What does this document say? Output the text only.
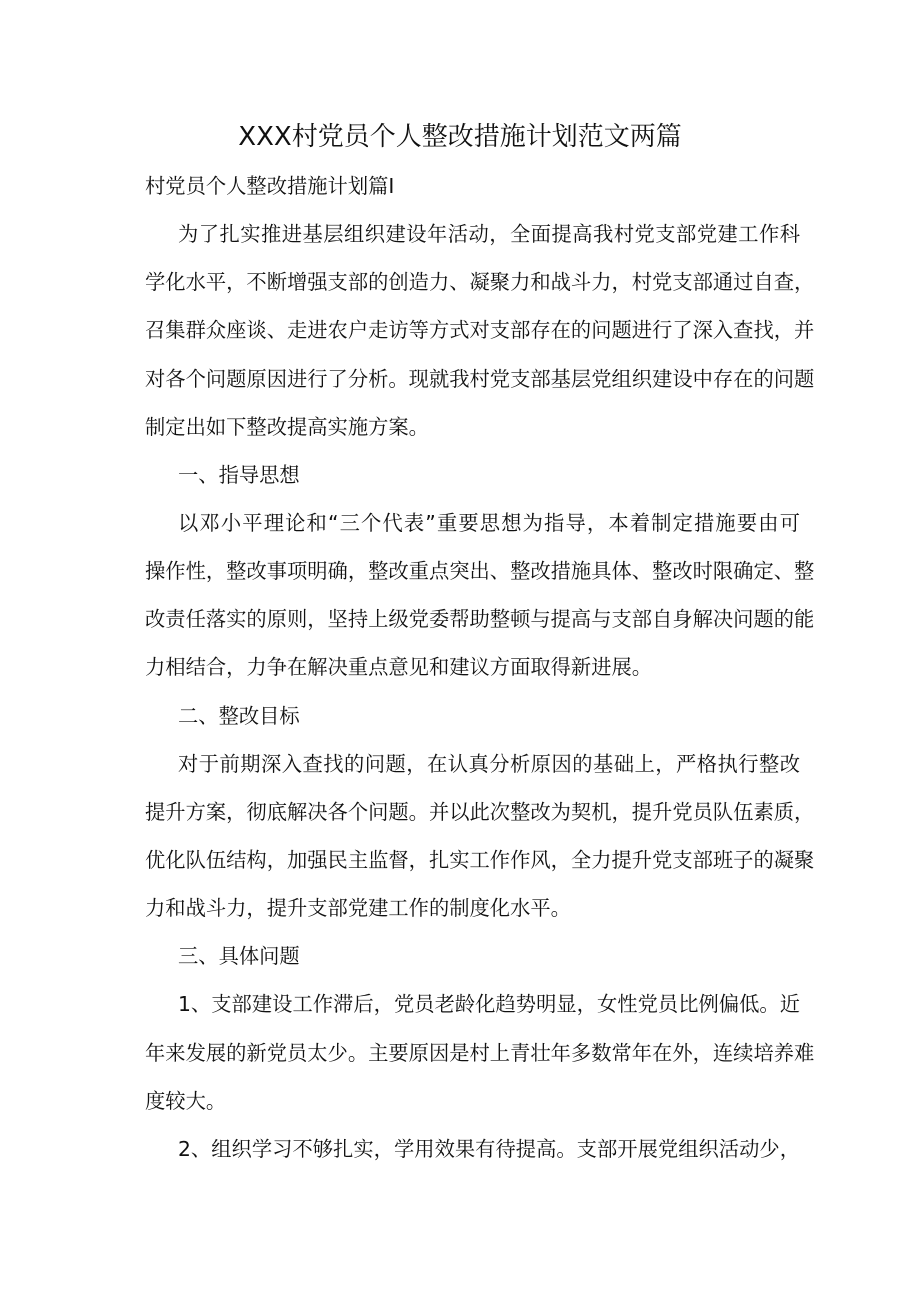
XXX村党员个人整改措施计划范文两篇
村党员个人整改措施计划篇I
为了扎实推进基层组织建设年活动，全面提高我村党支部党建工作科
学化水平，不断增强支部的创造力、凝聚力和战斗力，村党支部通过自查，
召集群众座谈、走进农户走访等方式对支部存在的问题进行了深入查找，并
对各个问题原因进行了分析。现就我村党支部基层党组织建设中存在的问题
制定出如下整改提高实施方案。
一、指导思想
以邓小平理论和“三个代表”重要思想为指导，本着制定措施要由可
操作性，整改事项明确，整改重点突出、整改措施具体、整改时限确定、整
改责任落实的原则，坚持上级党委帮助整顿与提高与支部自身解决问题的能
力相结合，力争在解决重点意见和建议方面取得新进展。
二、整改目标
对于前期深入查找的问题，在认真分析原因的基础上，严格执行整改
提升方案，彻底解决各个问题。并以此次整改为契机，提升党员队伍素质，
优化队伍结构，加强民主监督，扎实工作作风，全力提升党支部班子的凝聚
力和战斗力，提升支部党建工作的制度化水平。
三、具体问题
1、支部建设工作滞后，党员老龄化趋势明显，女性党员比例偏低。近
年来发展的新党员太少。主要原因是村上青壮年多数常年在外，连续培养难
度较大。
2、组织学习不够扎实，学用效果有待提高。支部开展党组织活动少，
